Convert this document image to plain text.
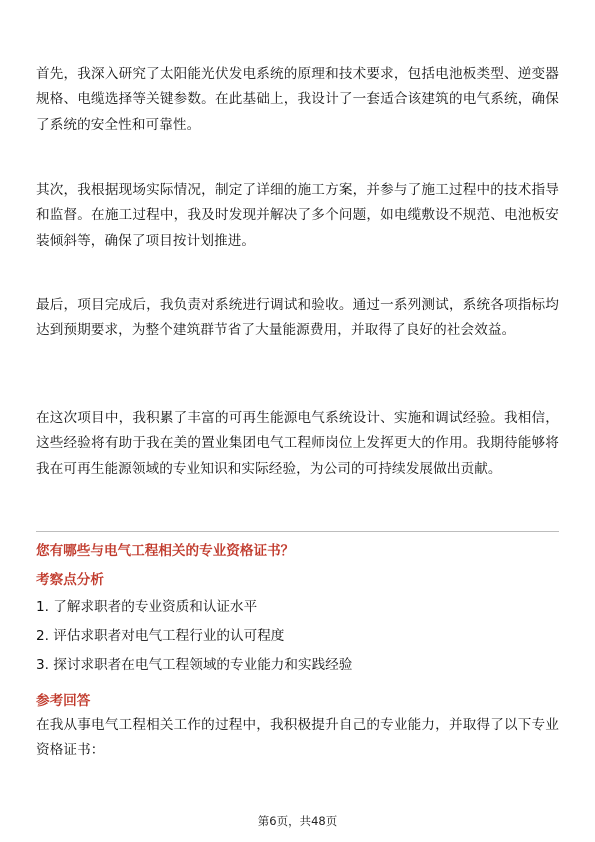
首先，我深入研究了太阳能光伏发电系统的原理和技术要求，包括电池板类型、逆变器规格、电缆选择等关键参数。在此基础上，我设计了一套适合该建筑的电气系统，确保了系统的安全性和可靠性。

其次，我根据现场实际情况，制定了详细的施工方案，并参与了施工过程中的技术指导和监督。在施工过程中，我及时发现并解决了多个问题，如电缆敷设不规范、电池板安装倾斜等，确保了项目按计划推进。

最后，项目完成后，我负责对系统进行调试和验收。通过一系列测试，系统各项指标均达到预期要求，为整个建筑群节省了大量能源费用，并取得了良好的社会效益。

在这次项目中，我积累了丰富的可再生能源电气系统设计、实施和调试经验。我相信，这些经验将有助于我在美的置业集团电气工程师岗位上发挥更大的作用。我期待能够将我在可再生能源领域的专业知识和实际经验，为公司的可持续发展做出贡献。

您有哪些与电气工程相关的专业资格证书？

考察点分析

1. 了解求职者的专业资质和认证水平

2. 评估求职者对电气工程行业的认可程度

3. 探讨求职者在电气工程领域的专业能力和实践经验

参考回答

在我从事电气工程相关工作的过程中，我积极提升自己的专业能力，并取得了以下专业资格证书：

第6页，共48页
